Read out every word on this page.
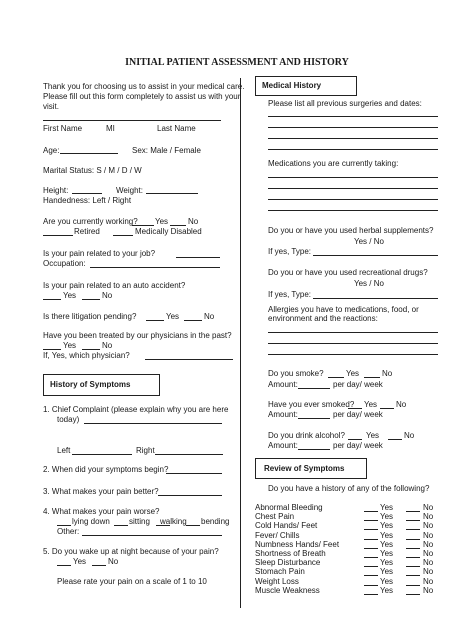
INITIAL PATIENT ASSESSMENT AND HISTORY
Thank you for choosing us to assist in your medical care.
Please fill out this form completely to assist us with your
visit.
First Name	MI	Last Name
Age:	Sex: Male / Female
Marital Status: S / M / D / W
Height:	Weight:
Handedness: Left / Right
Are you currently working? Yes No
Retired	Medically Disabled
Is your pain related to your job?
Occupation:
Is your pain related to an auto accident?
Yes	No
Is there litigation pending?	Yes	No
Have you been treated by our physicians in the past?
Yes	No
If, Yes, which physician?
History of Symptoms
1. Chief Complaint (please explain why you are here
today)
Left	Right
2. When did your symptoms begin?
3. What makes your pain better?
4. What makes your pain worse?
lying down sitting walking bending
Other:
5. Do you wake up at night because of your pain?
Yes	No
Please rate your pain on a scale of 1 to 10
Medical History
Please list all previous surgeries and dates:
Medications you are currently taking:
Do you or have you used herbal supplements?
Yes / No
If yes, Type:
Do you or have you used recreational drugs?
Yes / No
If yes, Type:
Allergies you have to medications, food, or
environment and the reactions:
Do you smoke?	Yes	No
Amount:	per day/ week
Have you ever smoked? Yes No
Amount:	per day/ week
Do you drink alcohol?	Yes	No
Amount:	per day/ week
Review of Symptoms
Do you have a history of any of the following?
Abnormal Bleeding	Yes	No
Chest Pain	Yes	No
Cold Hands/ Feet	Yes	No
Fever/ Chills	Yes	No
Numbness Hands/ Feet	Yes	No
Shortness of Breath	Yes	No
Sleep Disturbance	Yes	No
Stomach Pain	Yes	No
Weight Loss	Yes	No
Muscle Weakness	Yes	No
